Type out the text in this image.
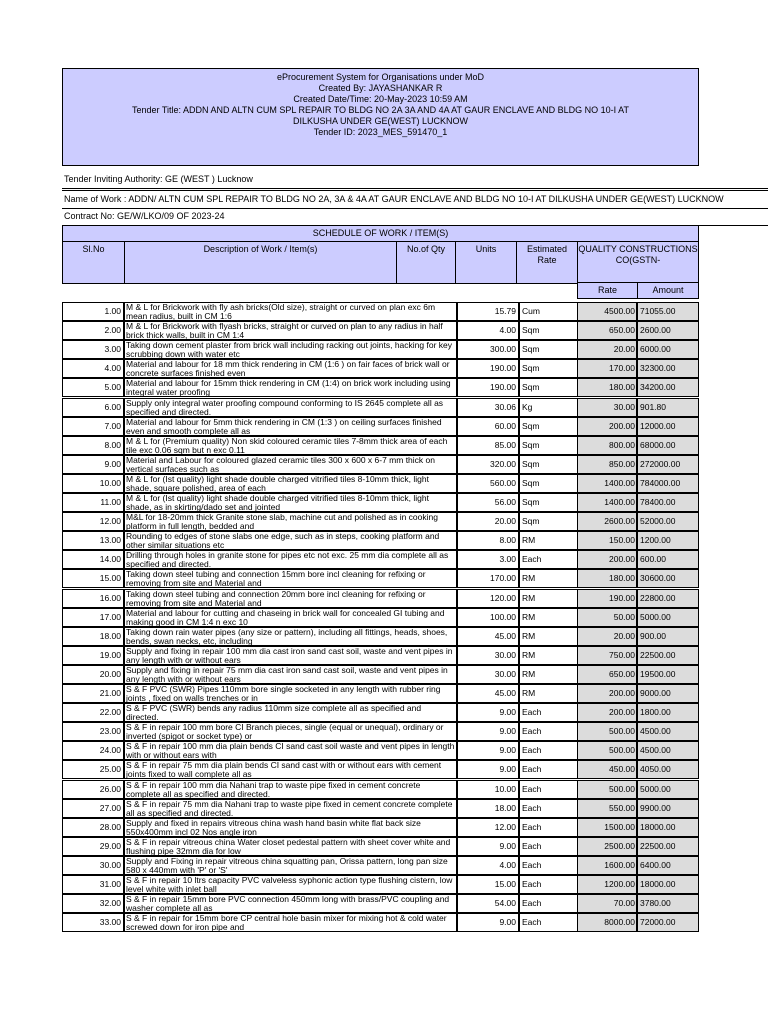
eProcurement System for Organisations under MoD
Created By: JAYASHANKAR R
Created Date/Time: 20-May-2023 10:59 AM
Tender Title: ADDN AND ALTN CUM SPL REPAIR TO BLDG NO 2A 3A AND 4A AT GAUR ENCLAVE AND BLDG NO 10-I AT
DILKUSHA UNDER GE(WEST) LUCKNOW
Tender ID: 2023_MES_591470_1
Tender Inviting Authority: GE (WEST ) Lucknow
Name of Work : ADDN/ ALTN CUM SPL REPAIR TO BLDG NO 2A, 3A & 4A AT GAUR ENCLAVE AND BLDG NO 10-I AT DILKUSHA UNDER GE(WEST) LUCKNOW
Contract No: GE/W/LKO/09 OF 2023-24
SCHEDULE OF WORK / ITEM(S)
Sl.No	Description of Work / Item(s)	No.of Qty	Units	Estimated Rate
QUALITY CONSTRUCTIONS CO(GSTN-
Rate	Amount
1.00 M & L for Brickwork with fly ash bricks(Old size), straight or curved on plan exc 6m mean radius, built in CM 1:6	15.79 Cum	4500.00 71055.00
2.00 M & L for Brickwork with flyash bricks, straight or curved on plan to any radius in half brick thick walls, built in CM 1:4	4.00 Sqm	650.00 2600.00
3.00 Taking down cement plaster from brick wall including racking out joints, hacking for key scrubbing down with water etc	300.00 Sqm	20.00 6000.00
4.00 Material and labour for 18 mm thick rendering in CM (1:6 ) on fair faces of brick wall or concrete surfaces finished even	190.00 Sqm	170.00 32300.00
5.00 Material and labour for 15mm thick rendering in CM (1:4) on brick work including using integral water proofing	190.00 Sqm	180.00 34200.00
6.00 Supply only integral water proofing compound conforming to IS 2645 complete all as specified and directed.	30.06 Kg	30.00 901.80
7.00 Material and labour for 5mm thick rendering in CM (1:3 ) on ceiling surfaces finished even and smooth complete all as	60.00 Sqm	200.00 12000.00
8.00 M & L for (Premium quality) Non skid coloured ceramic tiles 7-8mm thick area of each tile exc 0.06 sqm but n exc 0.11	85.00 Sqm	800.00 68000.00
9.00 Material and Labour for coloured glazed ceramic tiles 300 x 600 x 6-7 mm thick on vertical surfaces such as	320.00 Sqm	850.00 272000.00
10.00 M & L for (Ist quality) light shade double charged vitrified tiles 8-10mm thick, light shade, square polished, area of each	560.00 Sqm	1400.00 784000.00
11.00 M & L for (Ist quality) light shade double charged vitrified tiles 8-10mm thick, light shade, as in skirting/dado set and jointed	56.00 Sqm	1400.00 78400.00
12.00 M&L for 18-20mm thick Granite stone slab, machine cut and polished as in cooking platform in full length, bedded and	20.00 Sqm	2600.00 52000.00
13.00 Rounding to edges of stone slabs one edge, such as in steps, cooking platform and other similar situations etc	8.00 RM	150.00 1200.00
14.00 Drilling through holes in granite stone for pipes etc not exc. 25 mm dia complete all as specified and directed.	3.00 Each	200.00 600.00
15.00 Taking down steel tubing and connection 15mm bore incl cleaning for refixing or removing from site and Material and	170.00 RM	180.00 30600.00
16.00 Taking down steel tubing and connection 20mm bore incl cleaning for refixing or removing from site and Material and	120.00 RM	190.00 22800.00
17.00 Material and labour for cutting and chaseing in brick wall for concealed GI tubing and making good in CM 1:4 n exc 10	100.00 RM	50.00 5000.00
18.00 Taking down rain water pipes (any size or pattern), including all fittings, heads, shoes, bends, swan necks, etc, including	45.00 RM	20.00 900.00
19.00 Supply and fixing in repair 100 mm dia cast iron sand cast soil, waste and vent pipes in any length with or without ears	30.00 RM	750.00 22500.00
20.00 Supply and fixing in repair 75 mm dia cast iron sand cast soil, waste and vent pipes in any length with or without ears	30.00 RM	650.00 19500.00
21.00 S & F PVC (SWR) Pipes 110mm bore single socketed in any length with rubber ring joints , fixed on walls trenches or in	45.00 RM	200.00 9000.00
22.00 S & F PVC (SWR) bends any radius 110mm size complete all as specified and directed.	9.00 Each	200.00 1800.00
23.00 S & F in repair 100 mm bore CI Branch pieces, single (equal or unequal), ordinary or inverted (spigot or socket type) or	9.00 Each	500.00 4500.00
24.00 S & F in repair 100 mm dia plain bends CI sand cast soil waste and vent pipes in length with or without ears with	9.00 Each	500.00 4500.00
25.00 S & F in repair 75 mm dia plain bends CI sand cast with or without ears with cement joints fixed to wall complete all as	9.00 Each	450.00 4050.00
26.00 S & F in repair 100 mm dia Nahani trap to waste pipe fixed in cement concrete complete all as specified and directed.	10.00 Each	500.00 5000.00
27.00 S & F in repair 75 mm dia Nahani trap to waste pipe fixed in cement concrete complete all as specified and directed.	18.00 Each	550.00 9900.00
28.00 Supply and fixed in repairs vitreous china wash hand basin white flat back size 550x400mm incl 02 Nos angle iron	12.00 Each	1500.00 18000.00
29.00 S & F in repair vitreous china Water closet pedestal pattern with sheet cover white and flushing pipe 32mm dia for low	9.00 Each	2500.00 22500.00
30.00 Supply and Fixing in repair vitreous china squatting pan, Orissa pattern, long pan size 580 x 440mm with 'P' or 'S'	4.00 Each	1600.00 6400.00
31.00 S & F in repair 10 ltrs capacity PVC valveless syphonic action type flushing cistern, low level white with inlet ball	15.00 Each	1200.00 18000.00
32.00 S & F in repair 15mm bore PVC connection 450mm long with brass/PVC coupling and washer complete all as	54.00 Each	70.00 3780.00
33.00 S & F in repair for 15mm bore CP central hole basin mixer for mixing hot & cold water screwed down for iron pipe and	9.00 Each	8000.00 72000.00
